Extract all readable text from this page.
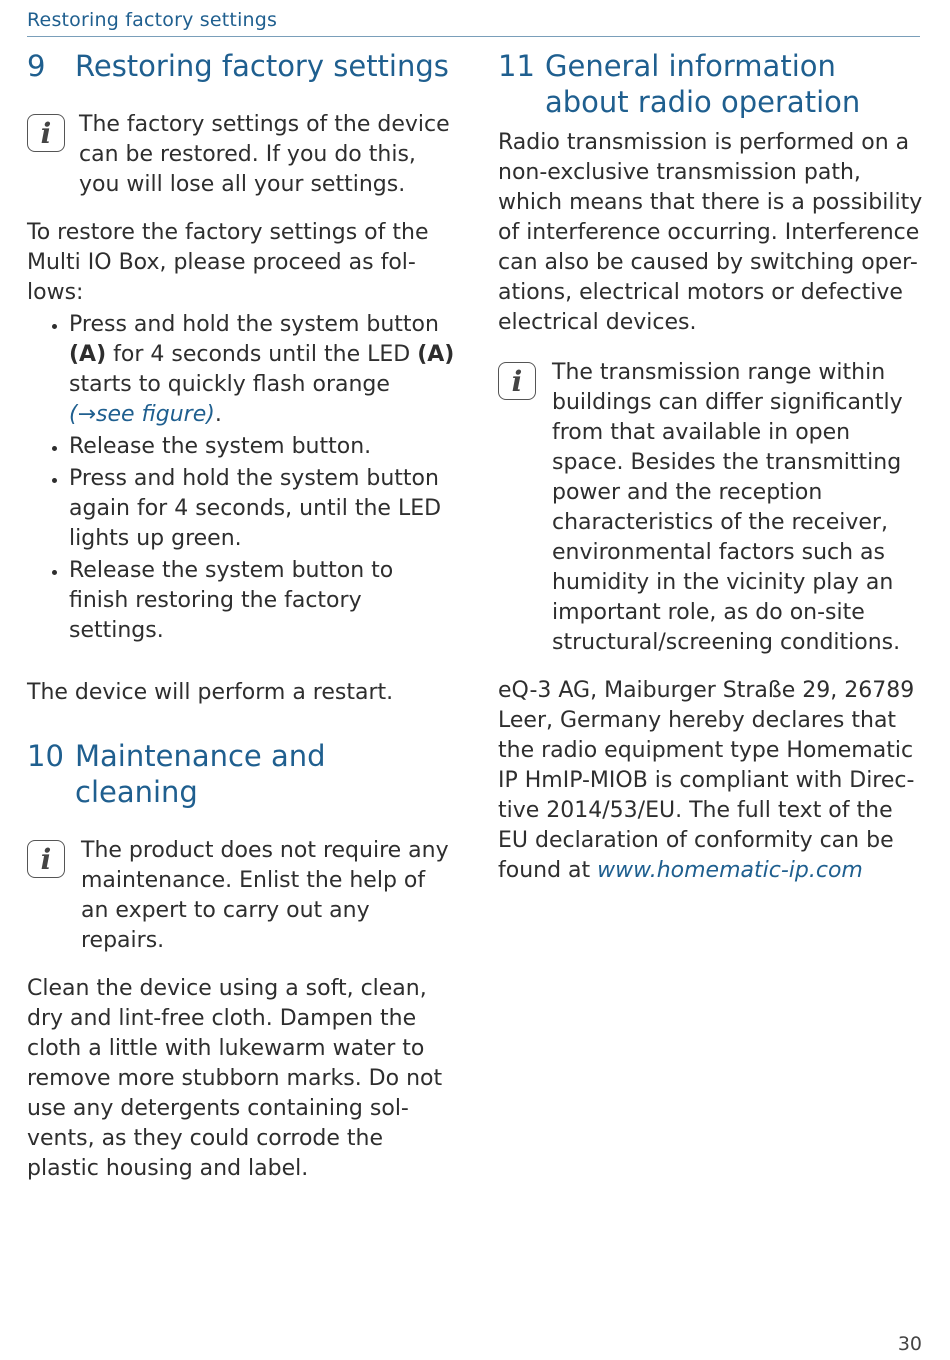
Restoring factory settings
9	Restoring factory settings
i	The factory settings of the device can be restored. If you do this, you will lose all your settings.

To restore the factory settings of the Multi IO Box, please proceed as fol-lows:

• Press and hold the system button (A) for 4 seconds until the LED (A) starts to quickly flash orange (→see figure).
• Release the system button.
• Press and hold the system button again for 4 seconds, until the LED lights up green.
• Release the system button to finish restoring the factory settings.

The device will perform a restart.

10 Maintenance and cleaning
i	The product does not require any maintenance. Enlist the help of an expert to carry out any repairs.

Clean the device using a soft, clean, dry and lint-free cloth. Dampen the cloth a little with lukewarm water to remove more stubborn marks. Do not use any detergents containing sol-vents, as they could corrode the plastic housing and label.

11 General information about radio operation

Radio transmission is performed on a non-exclusive transmission path, which means that there is a possibility of interference occurring. Interference can also be caused by switching oper-ations, electrical motors or defective electrical devices.

i	The transmission range within buildings can differ significantly from that available in open space. Besides the transmitting power and the reception characteristics of the receiver, environmental factors such as humidity in the vicinity play an important role, as do on-site structural/screening conditions.

eQ-3 AG, Maiburger Straße 29, 26789 Leer, Germany hereby declares that the radio equipment type Homematic IP HmIP-MIOB is compliant with Direc-tive 2014/53/EU. The full text of the EU declaration of conformity can be found at www.homematic-ip.com

30
